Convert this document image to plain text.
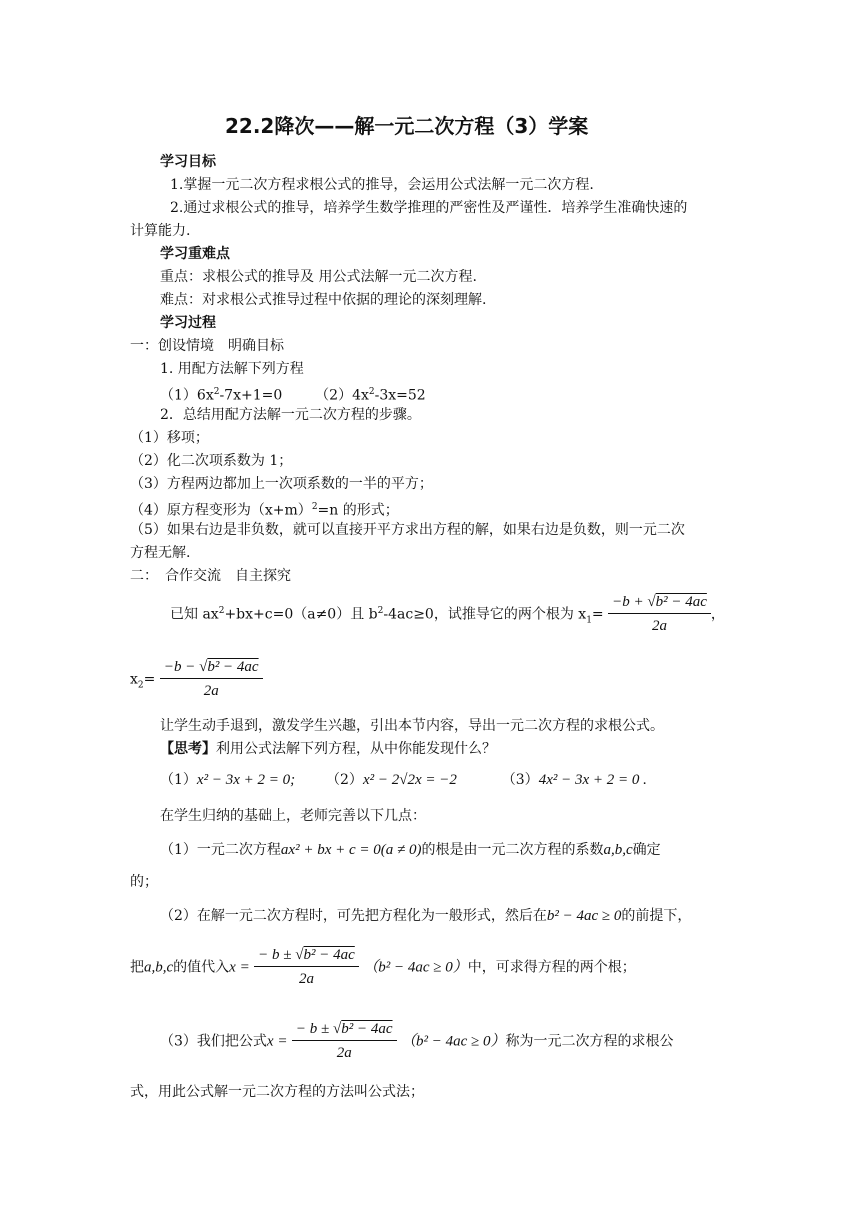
22.2降次——解一元二次方程（3）学案
学习目标
1.掌握一元二次方程求根公式的推导，会运用公式法解一元二次方程.
2.通过求根公式的推导，培养学生数学推理的严密性及严谨性．培养学生准确快速的
计算能力.
学习重难点
重点：求根公式的推导及 用公式法解一元二次方程.
难点：对求根公式推导过程中依据的理论的深刻理解.
学习过程
一：创设情境　明确目标
1. 用配方法解下列方程
$(1)6x^2-7x+1=0$ $(2)4x^2-3x=52$
2．总结用配方法解一元二次方程的步骤。
（1）移项；
（2）化二次项系数为 1；
（3）方程两边都加上一次项系数的一半的平方；
（4）原方程变形为$(x+m)^2=n$ 的形式；
（5）如果右边是非负数，就可以直接开平方求出方程的解，如果右边是负数，则一元二次
方程无解.
二：　合作交流　自主探究
已知 $ax^2+bx+c=0(a\ne 0)$且 $b^2-4ac\ge 0$，试推导它的两个根为 $x_1= \frac{\text{−b + √b² − 4ac}}{2a}$ ，
$x_2= \frac{\text{−b − √b² − 4ac}}{2a}$
让学生动手退到，激发学生兴趣，引出本节内容，导出一元二次方程的求根公式。
【思考】利用公式法解下列方程，从中你能发现什么？
（1）x² − 3x + 2 = 0; （2）x² − 2√2x = −2	（3）4x² − 3x + 2 = 0 .
在学生归纳的基础上，老师完善以下几点：
（1）一元二次方程ax² + bx + c = 0(a ≠ 0)的根是由一元二次方程的系数a,b,c确定
的；
（2）在解一元二次方程时，可先把方程化为一般形式，然后在b² − 4ac ≥ 0的前提下，
把a,b,c的值代入$x = \frac{\text{− b ± √b² − 4ac}}{2a} (b^2 - 4ac \ge 0)$中，可求得方程的两个根；
（3）我们把公式$x = \frac{\text{− b ± √b² − 4ac}}{2a} (b^2 - 4ac \ge 0)$称为一元二次方程的求根公
式，用此公式解一元二次方程的方法叫公式法；
